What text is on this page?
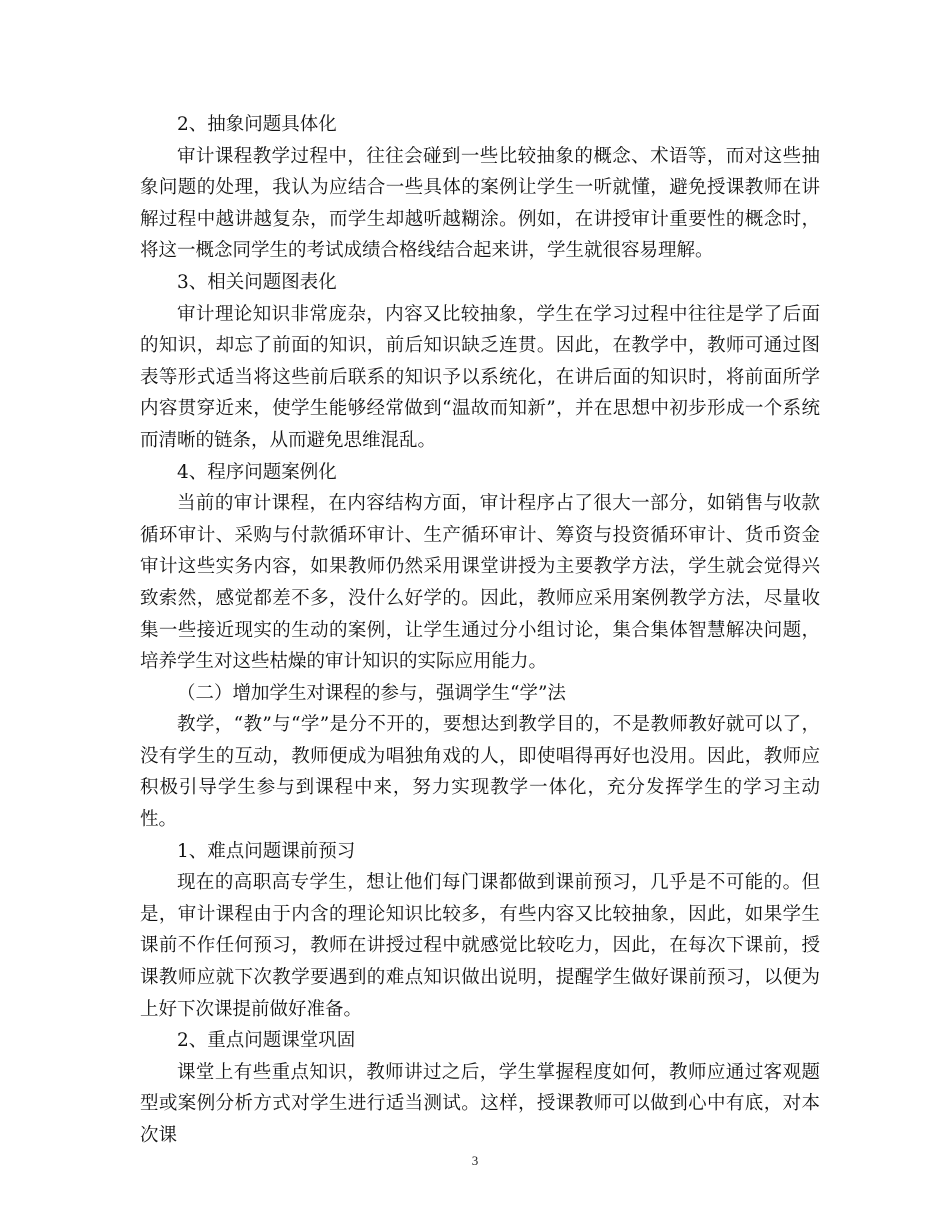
2、抽象问题具体化

审计课程教学过程中，往往会碰到一些比较抽象的概念、术语等，而对这些抽象问题的处理，我认为应结合一些具体的案例让学生一听就懂，避免授课教师在讲解过程中越讲越复杂，而学生却越听越糊涂。例如，在讲授审计重要性的概念时，将这一概念同学生的考试成绩合格线结合起来讲，学生就很容易理解。

3、相关问题图表化

审计理论知识非常庞杂，内容又比较抽象，学生在学习过程中往往是学了后面的知识，却忘了前面的知识，前后知识缺乏连贯。因此，在教学中，教师可通过图表等形式适当将这些前后联系的知识予以系统化，在讲后面的知识时，将前面所学内容贯穿近来，使学生能够经常做到“温故而知新”，并在思想中初步形成一个系统而清晰的链条，从而避免思维混乱。

4、程序问题案例化

当前的审计课程，在内容结构方面，审计程序占了很大一部分，如销售与收款循环审计、采购与付款循环审计、生产循环审计、筹资与投资循环审计、货币资金审计这些实务内容，如果教师仍然采用课堂讲授为主要教学方法，学生就会觉得兴致索然，感觉都差不多，没什么好学的。因此，教师应采用案例教学方法，尽量收集一些接近现实的生动的案例，让学生通过分小组讨论，集合集体智慧解决问题，培养学生对这些枯燥的审计知识的实际应用能力。

（二）增加学生对课程的参与，强调学生“学”法

教学，“教”与“学”是分不开的，要想达到教学目的，不是教师教好就可以了，没有学生的互动，教师便成为唱独角戏的人，即使唱得再好也没用。因此，教师应积极引导学生参与到课程中来，努力实现教学一体化，充分发挥学生的学习主动性。

1、难点问题课前预习

现在的高职高专学生，想让他们每门课都做到课前预习，几乎是不可能的。但是，审计课程由于内含的理论知识比较多，有些内容又比较抽象，因此，如果学生课前不作任何预习，教师在讲授过程中就感觉比较吃力，因此，在每次下课前，授课教师应就下次教学要遇到的难点知识做出说明，提醒学生做好课前预习，以便为上好下次课提前做好准备。

2、重点问题课堂巩固

课堂上有些重点知识，教师讲过之后，学生掌握程度如何，教师应通过客观题型或案例分析方式对学生进行适当测试。这样，授课教师可以做到心中有底，对本次课

3
